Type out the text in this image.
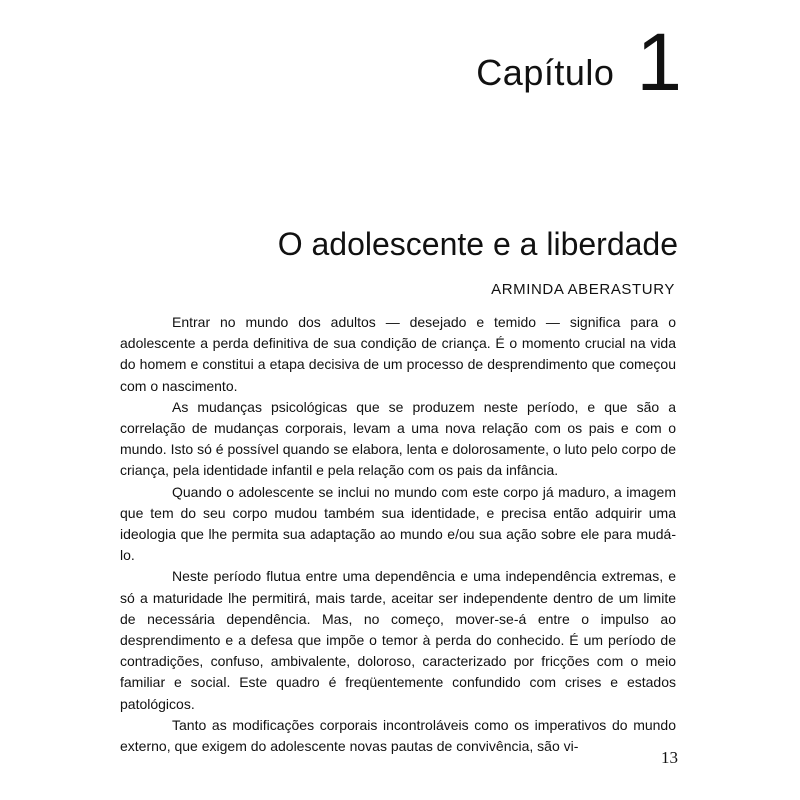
Capítulo 1
O adolescente e a liberdade
ARMINDA ABERASTURY

Entrar no mundo dos adultos — desejado e temido — significa para o adolescente a perda definitiva de sua condição de criança. É o momento crucial na vida do homem e constitui a etapa decisiva de um processo de desprendimento que começou com o nascimento.

As mudanças psicológicas que se produzem neste período, e que são a correlação de mudanças corporais, levam a uma nova relação com os pais e com o mundo. Isto só é possível quando se elabora, lenta e dolorosamente, o luto pelo corpo de criança, pela identidade infantil e pela relação com os pais da infância.

Quando o adolescente se inclui no mundo com este corpo já maduro, a imagem que tem do seu corpo mudou também sua identidade, e precisa então adquirir uma ideologia que lhe permita sua adaptação ao mundo e/ou sua ação sobre ele para mudá-lo.

Neste período flutua entre uma dependência e uma independência extremas, e só a maturidade lhe permitirá, mais tarde, aceitar ser independente dentro de um limite de necessária dependência. Mas, no começo, mover-se-á entre o impulso ao desprendimento e a defesa que impõe o temor à perda do conhecido. É um período de contradições, confuso, ambivalente, doloroso, caracterizado por fricções com o meio familiar e social. Este quadro é freqüentemente confundido com crises e estados patológicos.

Tanto as modificações corporais incontroláveis como os imperativos do mundo externo, que exigem do adolescente novas pautas de convivência, são vi-

13
